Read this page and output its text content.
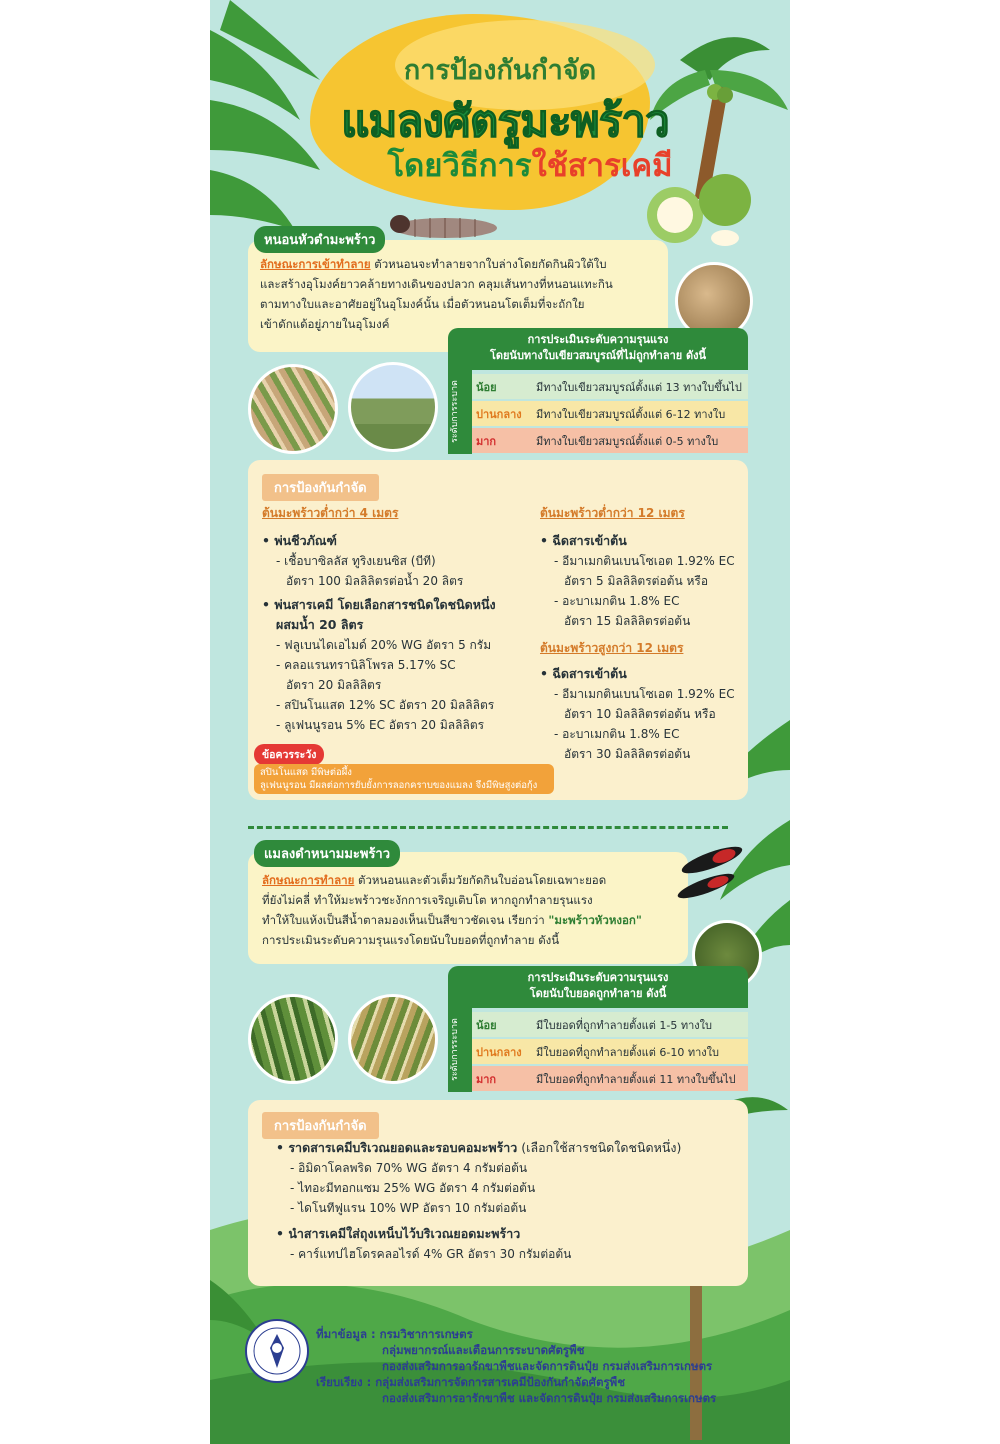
การป้องกันกำจัด
แมลงศัตรูมะพร้าว
โดยวิธีการใช้สารเคมี
หนอนหัวดำมะพร้าว
ลักษณะการเข้าทำลาย ตัวหนอนจะทำลายจากใบล่างโดยกัดกินผิวใต้ใบ
และสร้างอุโมงค์ยาวคล้ายทางเดินของปลวก คลุมเส้นทางที่หนอนแทะกิน
ตามทางใบและอาศัยอยู่ในอุโมงค์นั้น เมื่อตัวหนอนโตเต็มที่จะถักใย
เข้าดักแด้อยู่ภายในอุโมงค์
การประเมินระดับความรุนแรง
โดยนับทางใบเขียวสมบูรณ์ที่ไม่ถูกทำลาย ดังนี้
ระดับการระบาด	น้อย	มีทางใบเขียวสมบูรณ์ตั้งแต่ 13 ทางใบขึ้นไป
ปานกลาง	มีทางใบเขียวสมบูรณ์ตั้งแต่ 6-12 ทางใบ
มาก	มีทางใบเขียวสมบูรณ์ตั้งแต่ 0-5 ทางใบ
การป้องกันกำจัด
ต้นมะพร้าวต่ำกว่า 4 เมตร
• พ่นชีวภัณฑ์
- เชื้อบาซิลลัส ทูริงเยนซิส (บีที)
อัตรา 100 มิลลิลิตรต่อน้ำ 20 ลิตร
• พ่นสารเคมี โดยเลือกสารชนิดใดชนิดหนึ่ง
ผสมน้ำ 20 ลิตร
- ฟลูเบนไดเอไมด์ 20% WG อัตรา 5 กรัม
- คลอแรนทรานิลิโพรล 5.17% SC
อัตรา 20 มิลลิลิตร
- สปินโนแสด 12% SC อัตรา 20 มิลลิลิตร
- ลูเฟนนูรอน 5% EC อัตรา 20 มิลลิลิตร
ข้อควรระวัง
สปินโนแสด มีพิษต่อผึ้ง
ลูเฟนนูรอน มีผลต่อการยับยั้งการลอกคราบของแมลง จึงมีพิษสูงต่อกุ้ง
ต้นมะพร้าวต่ำกว่า 12 เมตร
• ฉีดสารเข้าต้น
- อีมาเมกตินเบนโซเอต 1.92% EC
อัตรา 5 มิลลิลิตรต่อต้น หรือ
- อะบาเมกติน 1.8% EC
อัตรา 15 มิลลิลิตรต่อต้น
ต้นมะพร้าวสูงกว่า 12 เมตร
• ฉีดสารเข้าต้น
- อีมาเมกตินเบนโซเอต 1.92% EC
อัตรา 10 มิลลิลิตรต่อต้น หรือ
- อะบาเมกติน 1.8% EC
อัตรา 30 มิลลิลิตรต่อต้น
แมลงดำหนามมะพร้าว
ลักษณะการทำลาย ตัวหนอนและตัวเต็มวัยกัดกินใบอ่อนโดยเฉพาะยอด
ที่ยังไม่คลี่ ทำให้มะพร้าวชะงักการเจริญเติบโต หากถูกทำลายรุนแรง
ทำให้ใบแห้งเป็นสีน้ำตาลมองเห็นเป็นสีขาวชัดเจน เรียกว่า "มะพร้าวหัวหงอก"
การประเมินระดับความรุนแรงโดยนับใบยอดที่ถูกทำลาย ดังนี้
การประเมินระดับความรุนแรง
โดยนับใบยอดถูกทำลาย ดังนี้
ระดับการระบาด	น้อย	มีใบยอดที่ถูกทำลายตั้งแต่ 1-5 ทางใบ
ปานกลาง	มีใบยอดที่ถูกทำลายตั้งแต่ 6-10 ทางใบ
มาก	มีใบยอดที่ถูกทำลายตั้งแต่ 11 ทางใบขึ้นไป
การป้องกันกำจัด
• ราดสารเคมีบริเวณยอดและรอบคอมะพร้าว (เลือกใช้สารชนิดใดชนิดหนึ่ง)
- อิมิดาโคลพริด 70% WG อัตรา 4 กรัมต่อต้น
- ไทอะมีทอกแซม 25% WG อัตรา 4 กรัมต่อต้น
- ไดโนทีฟูแรน 10% WP อัตรา 10 กรัมต่อต้น
• นำสารเคมีใส่ถุงเหน็บไว้บริเวณยอดมะพร้าว
- คาร์แทปไฮโดรคลอไรด์ 4% GR อัตรา 30 กรัมต่อต้น
ที่มาข้อมูล : กรมวิชาการเกษตร
กลุ่มพยากรณ์และเตือนการระบาดศัตรูพืช
กองส่งเสริมการอารักขาพืชและจัดการดินปุ๋ย กรมส่งเสริมการเกษตร
เรียบเรียง : กลุ่มส่งเสริมการจัดการสารเคมีป้องกันกำจัดศัตรูพืช
กองส่งเสริมการอารักขาพืช และจัดการดินปุ๋ย กรมส่งเสริมการเกษตร
